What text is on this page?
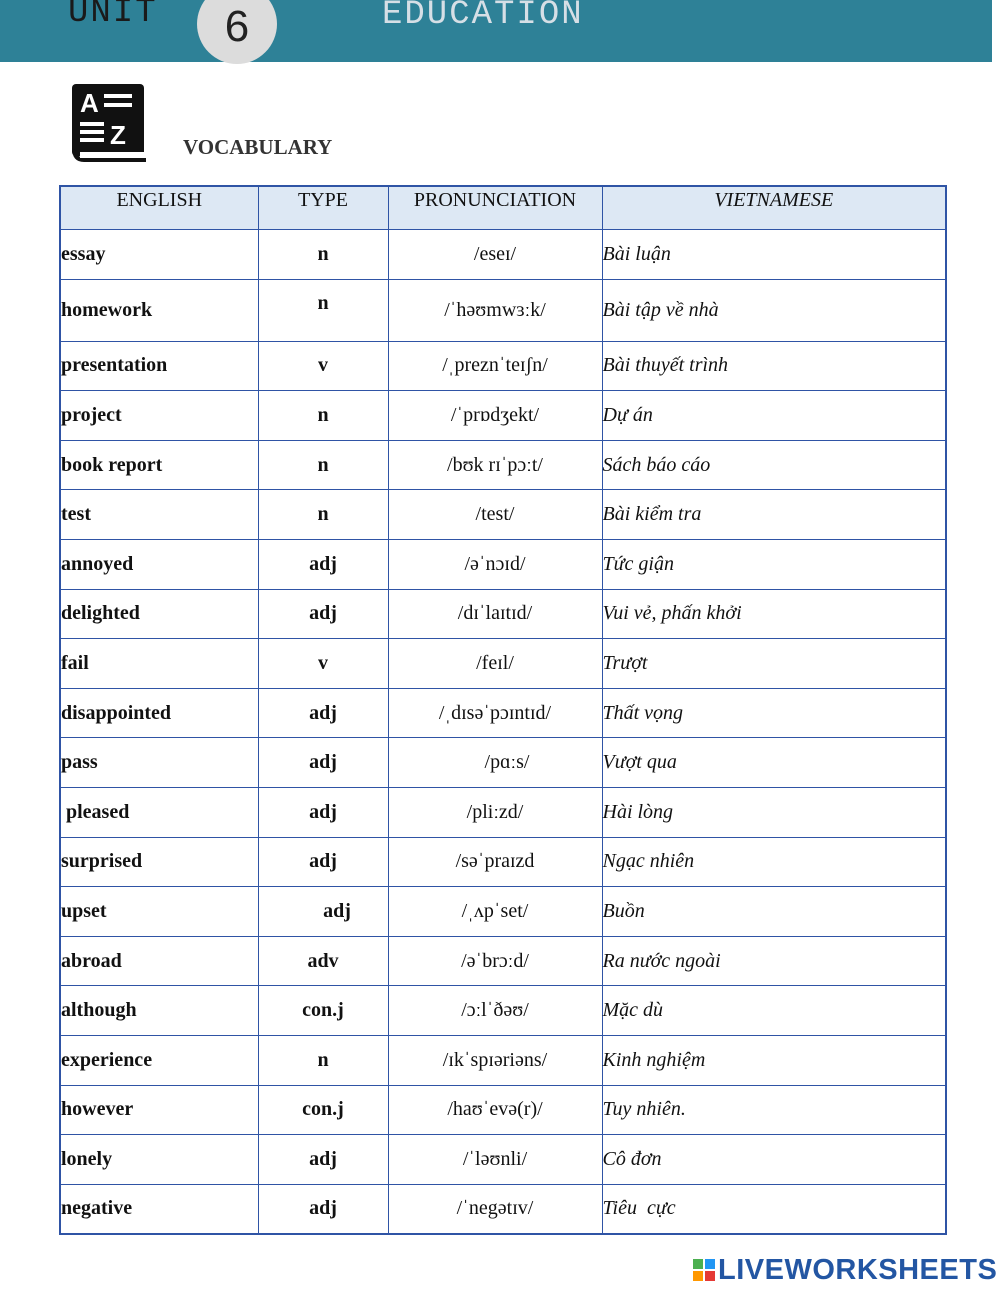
UNIT 6	EDUCATION
A
Z	VOCABULARY
ENGLISH	TYPE	PRONUNCIATION	VIETNAMESE
essay	n	/eseɪ/	Bài luận
homework	n	/ˈhəʊmwɜːk/	Bài tập về nhà
presentation	v	/ˌpreznˈteɪʃn/	Bài thuyết trình
project	n	/ˈprɒdʒekt/	Dự án
book report	n	/bʊk rɪˈpɔːt/	Sách báo cáo
test	n	/test/	Bài kiểm tra
annoyed	adj	/əˈnɔɪd/	Tức giận
delighted	adj	/dɪˈlaɪtɪd/	Vui vẻ, phấn khởi
fail	v	/feɪl/	Trượt
disappointed	adj	/ˌdɪsəˈpɔɪntɪd/	Thất vọng
pass	adj	/pɑːs/	Vượt qua
pleased	adj	/pliːzd/	Hài lòng
surprised	adj	/səˈpraɪzd	Ngạc nhiên
upset	adj	/ˌʌpˈset/	Buồn
abroad	adv	/əˈbrɔːd/	Ra nước ngoài
although	con.j	/ɔːlˈðəʊ/	Mặc dù
experience	n	/ɪkˈspɪəriəns/	Kinh nghiệm
however	con.j	/haʊˈevə(r)/	Tuy nhiên.
lonely	adj	/ˈləʊnli/	Cô đơn
negative	adj	/ˈnegətɪv/	Tiêu  cực
LIVEWORKSHEETS
